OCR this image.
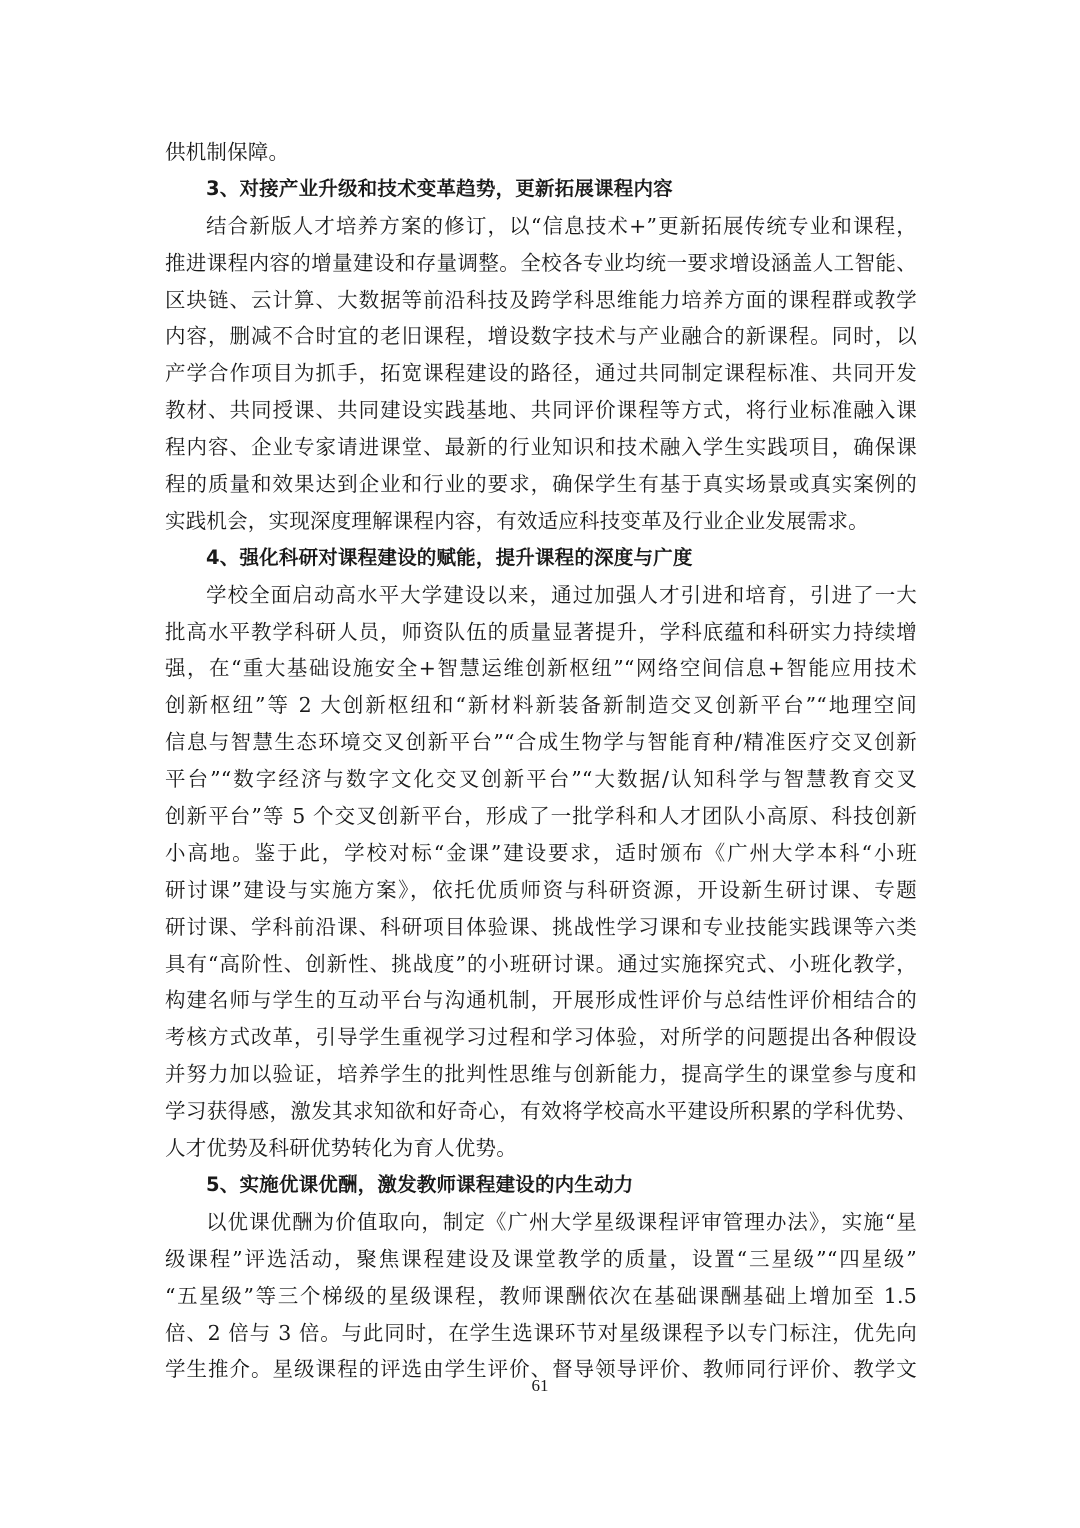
供机制保障。
3、对接产业升级和技术变革趋势，更新拓展课程内容
结合新版人才培养方案的修订，以“信息技术+”更新拓展传统专业和课程，
推进课程内容的增量建设和存量调整。全校各专业均统一要求增设涵盖人工智能、
区块链、云计算、大数据等前沿科技及跨学科思维能力培养方面的课程群或教学
内容，删减不合时宜的老旧课程，增设数字技术与产业融合的新课程。同时，以
产学合作项目为抓手，拓宽课程建设的路径，通过共同制定课程标准、共同开发
教材、共同授课、共同建设实践基地、共同评价课程等方式，将行业标准融入课
程内容、企业专家请进课堂、最新的行业知识和技术融入学生实践项目，确保课
程的质量和效果达到企业和行业的要求，确保学生有基于真实场景或真实案例的
实践机会，实现深度理解课程内容，有效适应科技变革及行业企业发展需求。
4、强化科研对课程建设的赋能，提升课程的深度与广度
学校全面启动高水平大学建设以来，通过加强人才引进和培育，引进了一大
批高水平教学科研人员，师资队伍的质量显著提升，学科底蕴和科研实力持续增
强，在“重大基础设施安全+智慧运维创新枢纽”“网络空间信息+智能应用技术
创新枢纽”等 2 大创新枢纽和“新材料新装备新制造交叉创新平台”“地理空间
信息与智慧生态环境交叉创新平台”“合成生物学与智能育种/精准医疗交叉创新
平台”“数字经济与数字文化交叉创新平台”“大数据/认知科学与智慧教育交叉
创新平台”等 5 个交叉创新平台，形成了一批学科和人才团队小高原、科技创新
小高地。鉴于此，学校对标“金课”建设要求，适时颁布《广州大学本科“小班
研讨课”建设与实施方案》，依托优质师资与科研资源，开设新生研讨课、专题
研讨课、学科前沿课、科研项目体验课、挑战性学习课和专业技能实践课等六类
具有“高阶性、创新性、挑战度”的小班研讨课。通过实施探究式、小班化教学，
构建名师与学生的互动平台与沟通机制，开展形成性评价与总结性评价相结合的
考核方式改革，引导学生重视学习过程和学习体验，对所学的问题提出各种假设
并努力加以验证，培养学生的批判性思维与创新能力，提高学生的课堂参与度和
学习获得感，激发其求知欲和好奇心，有效将学校高水平建设所积累的学科优势、
人才优势及科研优势转化为育人优势。
5、实施优课优酬，激发教师课程建设的内生动力
以优课优酬为价值取向，制定《广州大学星级课程评审管理办法》，实施“星
级课程”评选活动，聚焦课程建设及课堂教学的质量，设置“三星级”“四星级”
“五星级”等三个梯级的星级课程，教师课酬依次在基础课酬基础上增加至 1.5
倍、2 倍与 3 倍。与此同时，在学生选课环节对星级课程予以专门标注，优先向
学生推介。星级课程的评选由学生评价、督导领导评价、教师同行评价、教学文
61
